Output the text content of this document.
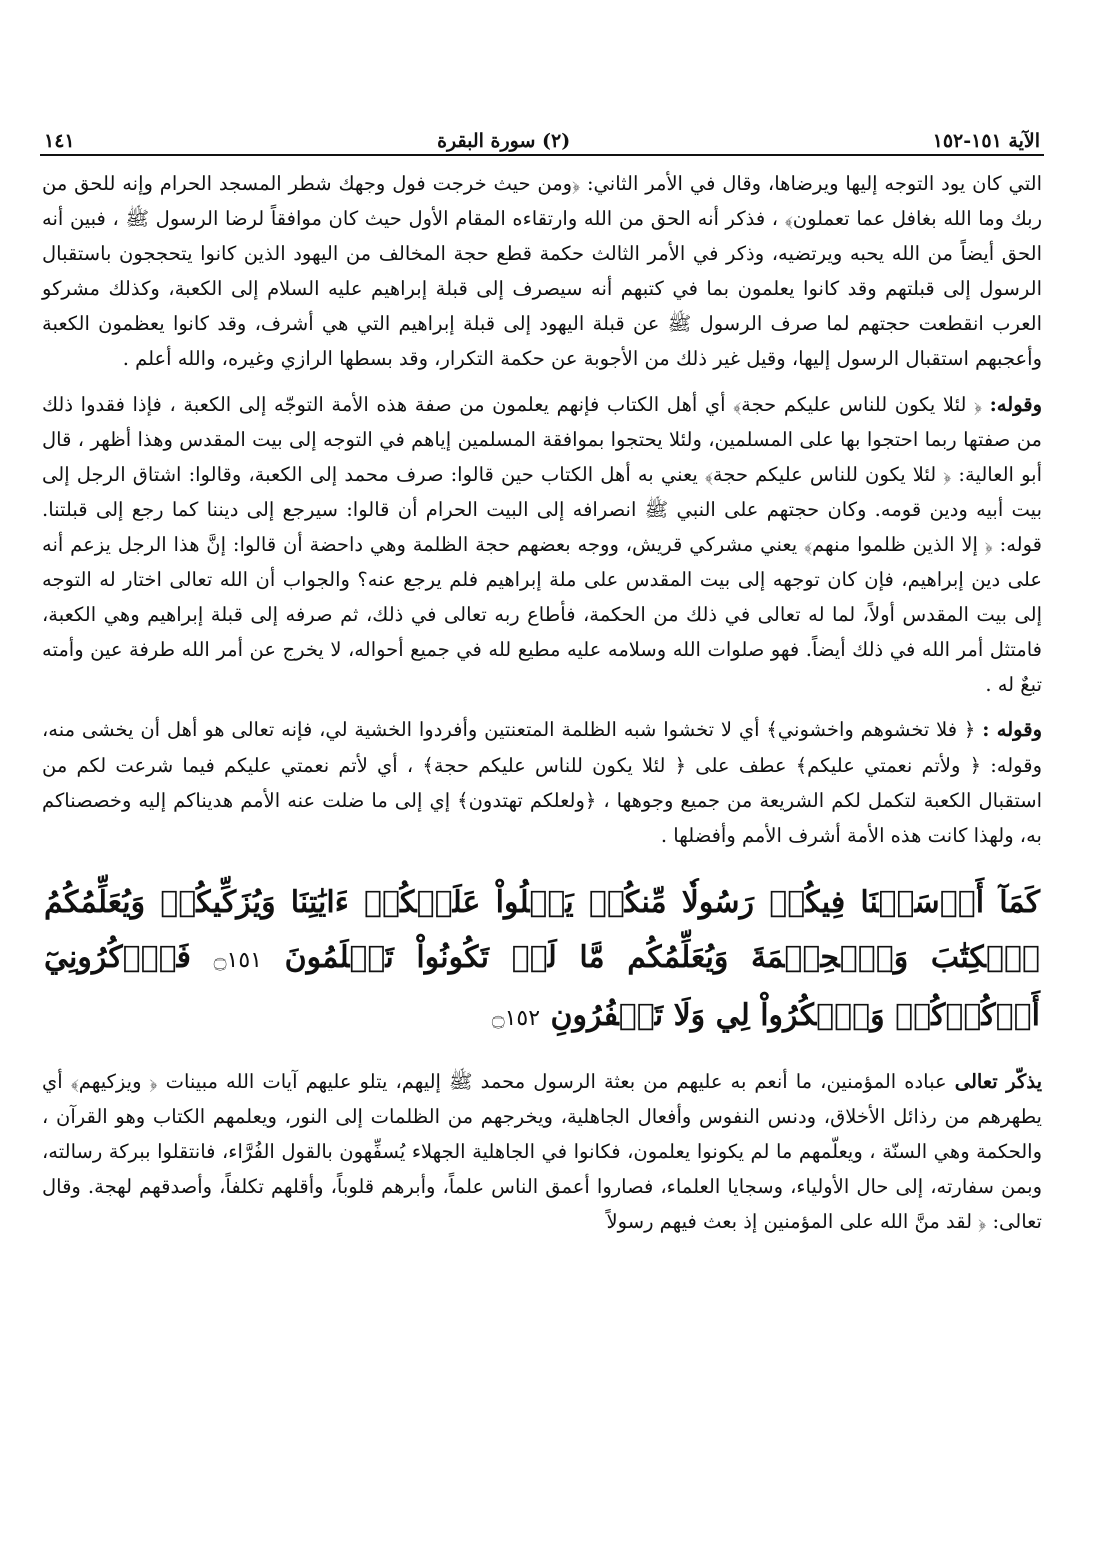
الآية ١٥١-١٥٢
(٢) سورة البقرة
١٤١

التي كان يود التوجه إليها ويرضاها، وقال في الأمر الثاني: ﴿ومن حيث خرجت فول وجهك شطر المسجد الحرام وإنه للحق من ربك وما الله بغافل عما تعملون﴾ ، فذكر أنه الحق من الله وارتقاءه المقام الأول حيث كان موافقاً لرضا الرسول ﷺ ، فبين أنه الحق أيضاً من الله يحبه ويرتضيه، وذكر في الأمر الثالث حكمة قطع حجة المخالف من اليهود الذين كانوا يتحججون باستقبال الرسول إلى قبلتهم وقد كانوا يعلمون بما في كتبهم أنه سيصرف إلى قبلة إبراهيم عليه السلام إلى الكعبة، وكذلك مشركو العرب انقطعت حجتهم لما صرف الرسول ﷺ عن قبلة اليهود إلى قبلة إبراهيم التي هي أشرف، وقد كانوا يعظمون الكعبة وأعجبهم استقبال الرسول إليها، وقيل غير ذلك من الأجوبة عن حكمة التكرار، وقد بسطها الرازي وغيره، والله أعلم .

وقوله: ﴿ لئلا يكون للناس عليكم حجة﴾ أي أهل الكتاب فإنهم يعلمون من صفة هذه الأمة التوجّه إلى الكعبة ، فإذا فقدوا ذلك من صفتها ربما احتجوا بها على المسلمين، ولئلا يحتجوا بموافقة المسلمين إياهم في التوجه إلى بيت المقدس وهذا أظهر ، قال أبو العالية: ﴿ لئلا يكون للناس عليكم حجة﴾ يعني به أهل الكتاب حين قالوا: صرف محمد إلى الكعبة، وقالوا: اشتاق الرجل إلى بيت أبيه ودين قومه. وكان حجتهم على النبي ﷺ انصرافه إلى البيت الحرام أن قالوا: سيرجع إلى ديننا كما رجع إلى قبلتنا. قوله: ﴿ إلا الذين ظلموا منهم﴾ يعني مشركي قريش، ووجه بعضهم حجة الظلمة وهي داحضة أن قالوا: إنَّ هذا الرجل يزعم أنه على دين إبراهيم، فإن كان توجهه إلى بيت المقدس على ملة إبراهيم فلم يرجع عنه؟ والجواب أن الله تعالى اختار له التوجه إلى بيت المقدس أولاً، لما له تعالى في ذلك من الحكمة، فأطاع ربه تعالى في ذلك، ثم صرفه إلى قبلة إبراهيم وهي الكعبة، فامتثل أمر الله في ذلك أيضاً. فهو صلوات الله وسلامه عليه مطيع لله في جميع أحواله، لا يخرج عن أمر الله طرفة عين وأمته تبعٌ له .

وقوله : ﴿ فلا تخشوهم واخشوني﴾ أي لا تخشوا شبه الظلمة المتعنتين وأفردوا الخشية لي، فإنه تعالى هو أهل أن يخشى منه، وقوله: ﴿ ولأتم نعمتي عليكم﴾ عطف على ﴿ لئلا يكون للناس عليكم حجة﴾ ، أي لأتم نعمتي عليكم فيما شرعت لكم من استقبال الكعبة لتكمل لكم الشريعة من جميع وجوهها ، ﴿ولعلكم تهتدون﴾ إي إلى ما ضلت عنه الأمم هديناكم إليه وخصصناكم به، ولهذا كانت هذه الأمة أشرف الأمم وأفضلها .

كَمَآ أَرۡسَلۡنَا فِيكُمۡ رَسُولٗا مِّنكُمۡ يَتۡلُواْ عَلَيۡكُمۡ ءَايَٰتِنَا وَيُزَكِّيكُمۡ وَيُعَلِّمُكُمُ ٱلۡكِتَٰبَ وَٱلۡحِكۡمَةَ وَيُعَلِّمُكُم مَّا لَمۡ تَكُونُواْ تَعۡلَمُونَ ۝١٥١ فَٱذۡكُرُونِيٓ أَذۡكُرۡكُمۡ وَٱشۡكُرُواْ لِي وَلَا تَكۡفُرُونِ ۝١٥٢

يذكّر تعالى عباده المؤمنين، ما أنعم به عليهم من بعثة الرسول محمد ﷺ إليهم، يتلو عليهم آيات الله مبينات ﴿ ويزكيهم﴾ أي يطهرهم من رذائل الأخلاق، ودنس النفوس وأفعال الجاهلية، ويخرجهم من الظلمات إلى النور، ويعلمهم الكتاب وهو القرآن ، والحكمة وهي السنّة ، ويعلّمهم ما لم يكونوا يعلمون، فكانوا في الجاهلية الجهلاء يُسفِّهون بالقول الفُرَّاء، فانتقلوا ببركة رسالته، وبمن سفارته، إلى حال الأولياء، وسجايا العلماء، فصاروا أعمق الناس علماً، وأبرهم قلوباً، وأقلهم تكلفاً، وأصدقهم لهجة. وقال تعالى: ﴿ لقد منَّ الله على المؤمنين إذ بعث فيهم رسولاً
